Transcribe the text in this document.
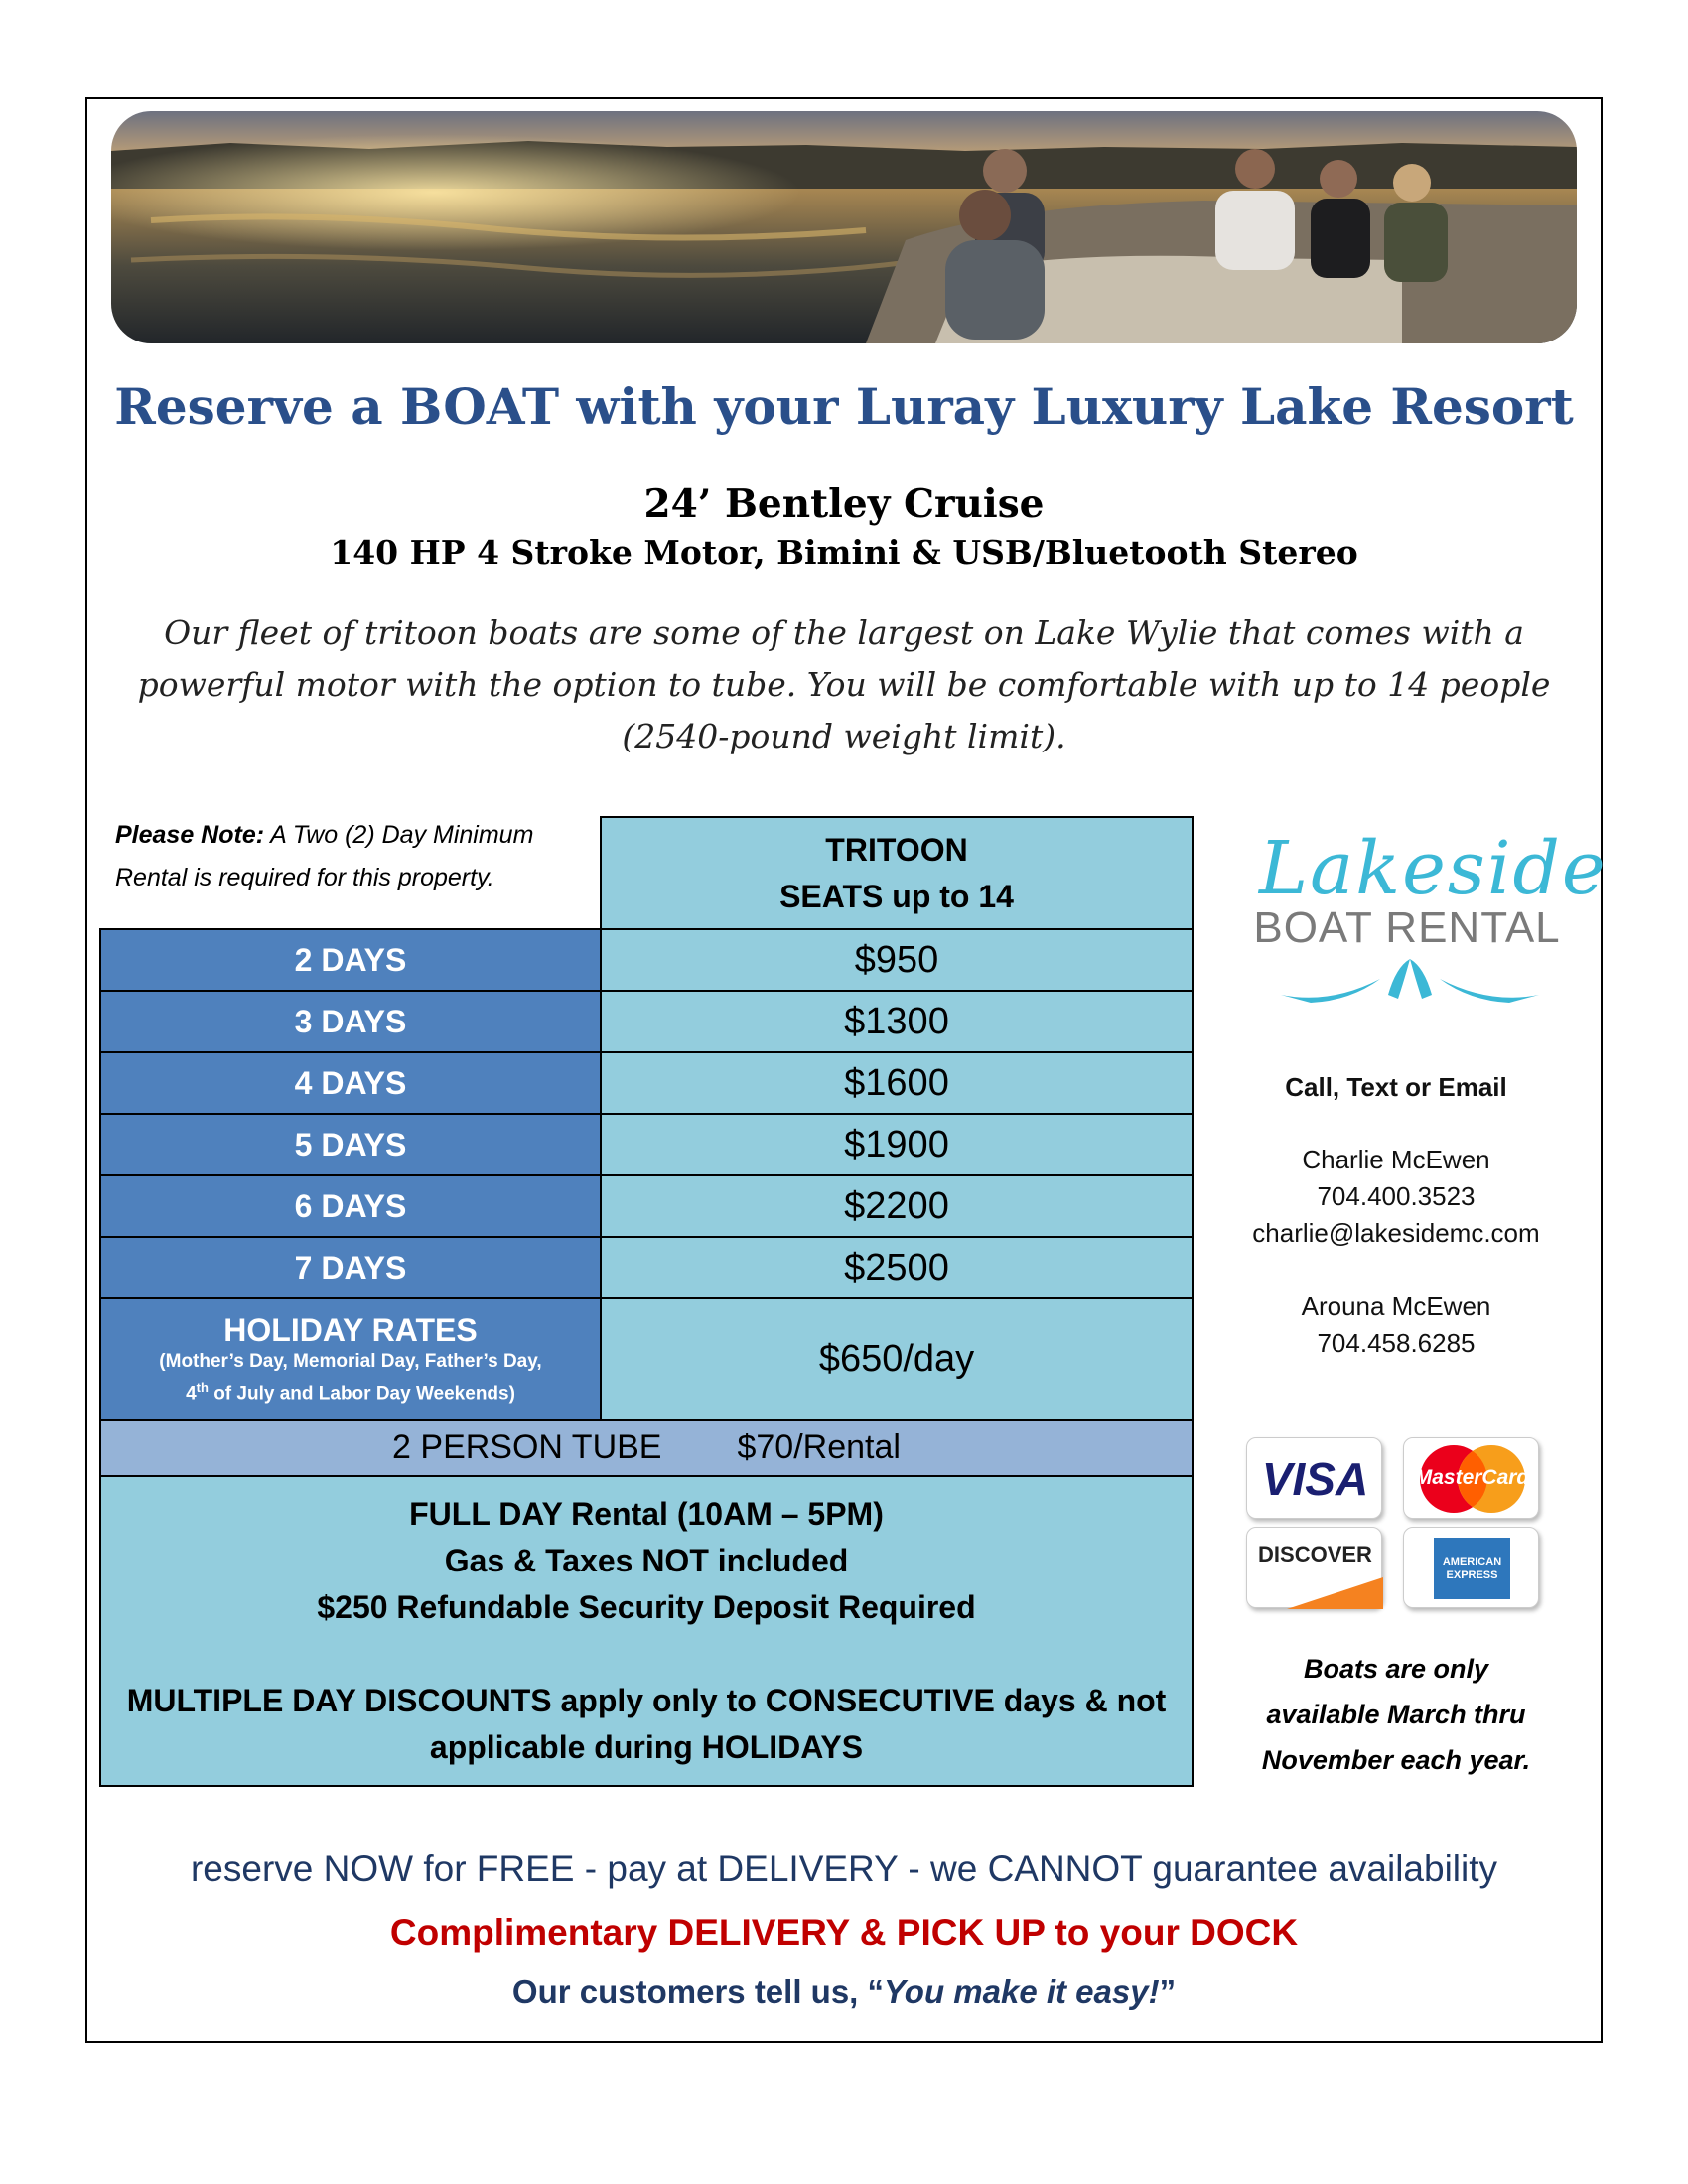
Reserve a BOAT with your Luray Luxury Lake Resort
24’ Bentley Cruise
140 HP 4 Stroke Motor, Bimini & USB/Bluetooth Stereo
Our fleet of tritoon boats are some of the largest on Lake Wylie that comes with a powerful motor with the option to tube. You will be comfortable with up to 14 people (2540-pound weight limit).
Please Note: A Two (2) Day Minimum Rental is required for this property.

	TRITOON
SEATS up to 14

2 DAYS	$950
3 DAYS	$1300
4 DAYS	$1600
5 DAYS	$1900
6 DAYS	$2200
7 DAYS	$2500

HOLIDAY RATES
(Mother’s Day, Memorial Day, Father’s Day,
4th of July and Labor Day Weekends)	$650/day
2 PERSON TUBE $70/Rental	

FULL DAY Rental (10AM – 5PM)
Gas & Taxes NOT included
$250 Refundable Security Deposit Required
MULTIPLE DAY DISCOUNTS apply only to CONSECUTIVE days & not
applicable during HOLIDAYS	
Lakeside
BOAT RENTAL
Call, Text or Email
Charlie McEwen
704.400.3523
charlie@lakesidemc.com
Arouna McEwen
704.458.6285
VISA	MasterCard
DISCOVER	AMERICAN
EXPRESS
Boats are only
available March thru
November each year.
reserve NOW for FREE - pay at DELIVERY - we CANNOT guarantee availability
Complimentary DELIVERY & PICK UP to your DOCK
Our customers tell us, “You make it easy!”
